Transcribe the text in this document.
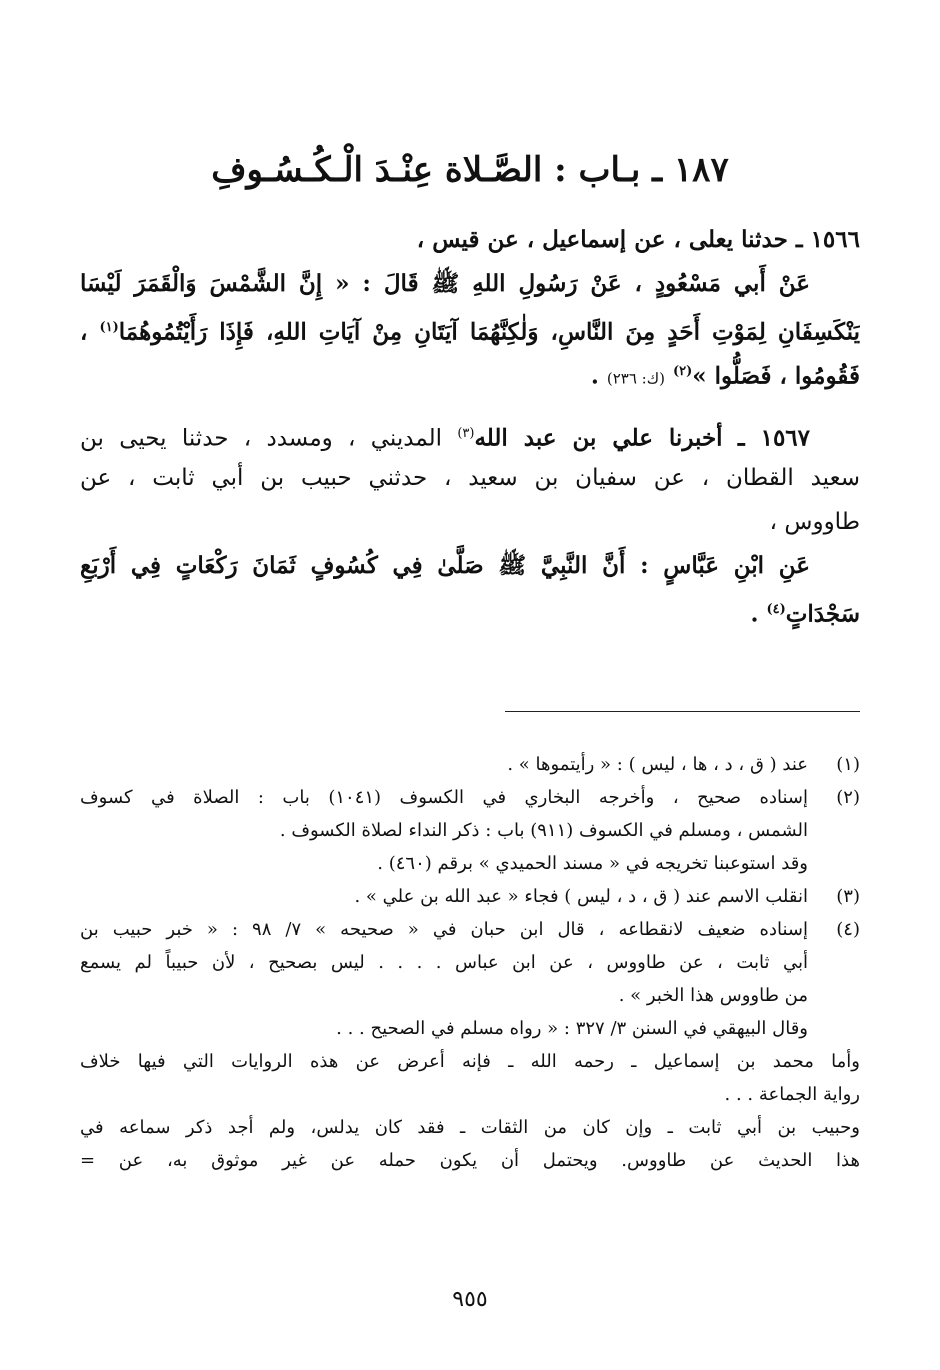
١٨٧ ـ بـاب : الصَّـلاة عِنْـدَ الْـكُـسُـوفِ
١٥٦٦ ـ حدثنا يعلى ، عن إسماعيل ، عن قيس ،
عَنْ أَبي مَسْعُودٍ ، عَنْ رَسُولِ اللهِ ﷺ قَالَ : « إِنَّ الشَّمْسَ وَالْقَمَرَ لَيْسَا
يَنْكَسِفَانِ لِمَوْتِ أَحَدٍ مِنَ النَّاسِ، وَلٰكِنَّهُمَا آيَتَانِ مِنْ آيَاتِ اللهِ، فَإِذَا رَأَيْتُمُوهُمَا$^{(١)}$ ،
فَقُومُوا ، فَصَلُّوا »$^{(٢)}$ (ك: ٢٣٦) .
١٥٦٧ ـ أخبرنا علي بن عبد الله$^{(٣)}$ المديني ، ومسدد ، حدثنا يحيى بن
سعيد القطان ، عن سفيان بن سعيد ، حدثني حبيب بن أبي ثابت ، عن
طاووس ،
عَنِ ابْنِ عَبَّاسٍ : أَنَّ النَّبِيَّ ﷺ صَلَّىٰ فِي كُسُوفٍ ثَمَانَ رَكْعَاتٍ فِي أَرْبَعِ
سَجْدَاتٍ$^{(٤)}$ .
(١)
عند ( ق ، د ، ها ، ليس ) : « رأيتموها » .
(٢)
إسناده صحيح ، وأخرجه البخاري في الكسوف (١٠٤١) باب : الصلاة في كسوف
الشمس ، ومسلم في الكسوف (٩١١) باب : ذكر النداء لصلاة الكسوف .
وقد استوعبنا تخريجه في « مسند الحميدي » برقم (٤٦٠) .
(٣)
انقلب الاسم عند ( ق ، د ، ليس ) فجاء « عبد الله بن علي » .
(٤)
إسناده ضعيف لانقطاعه ، قال ابن حبان في « صحيحه » ٧/ ٩٨ : « خبر حبيب بن
أبي ثابت ، عن طاووس ، عن ابن عباس . . . . ليس بصحيح ، لأن حبيباً لم يسمع
من طاووس هذا الخبر » .
وقال البيهقي في السنن ٣/ ٣٢٧ : « رواه مسلم في الصحيح . . .
وأما محمد بن إسماعيل ـ رحمه الله ـ فإنه أعرض عن هذه الروايات التي فيها خلاف
رواية الجماعة . . .
وحبيب بن أبي ثابت ـ وإن كان من الثقات ـ فقد كان يدلس، ولم أجد ذكر سماعه في
هذا الحديث عن طاووس. ويحتمل أن يكون حمله عن غير موثوق به، عن =
٩٥٥
